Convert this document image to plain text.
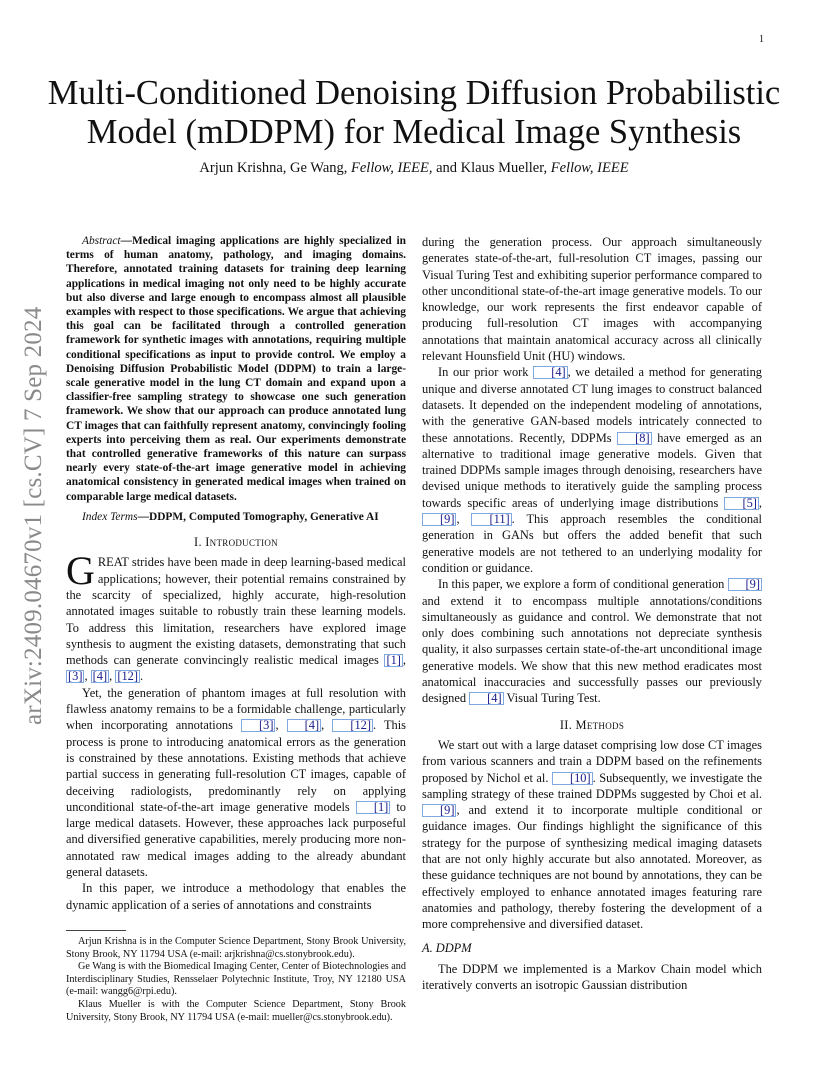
1
arXiv:2409.04670v1 [cs.CV] 7 Sep 2024
Multi-Conditioned Denoising Diffusion Probabilistic
Model (mDDPM) for Medical Image Synthesis
Arjun Krishna, Ge Wang, Fellow, IEEE, and Klaus Mueller, Fellow, IEEE

Abstract—Medical imaging applications are highly specialized in terms of human anatomy, pathology, and imaging domains. Therefore, annotated training datasets for training deep learning applications in medical imaging not only need to be highly accurate but also diverse and large enough to encompass almost all plausible examples with respect to those specifications. We argue that achieving this goal can be facilitated through a controlled generation framework for synthetic images with annotations, requiring multiple conditional specifications as input to provide control. We employ a Denoising Diffusion Probabilistic Model (DDPM) to train a large-scale generative model in the lung CT domain and expand upon a classifier-free sampling strategy to showcase one such generation framework. We show that our approach can produce annotated lung CT images that can faithfully represent anatomy, convincingly fooling experts into perceiving them as real. Our experiments demonstrate that controlled generative frameworks of this nature can surpass nearly every state-of-the-art image generative model in achieving anatomical consistency in generated medical images when trained on comparable large medical datasets.

Index Terms—DDPM, Computed Tomography, Generative AI

I. Introduction

GREAT strides have been made in deep learning-based medical applications; however, their potential remains constrained by the scarcity of specialized, highly accurate, high-resolution annotated images suitable to robustly train these learning models. To address this limitation, researchers have explored image synthesis to augment the existing datasets, demonstrating that such methods can generate convincingly realistic medical images [1] , [3] , [4] , [12] .

Yet, the generation of phantom images at full resolution with flawless anatomy remains to be a formidable challenge, particularly when incorporating annotations [3] , [4] , [12] . This process is prone to introducing anatomical errors as the generation is constrained by these annotations. Existing methods that achieve partial success in generating full-resolution CT images, capable of deceiving radiologists, predominantly rely on applying unconditional state-of-the-art image generative models [1] to large medical datasets. However, these approaches lack purposeful and diversified generative capabilities, merely producing more non-annotated raw medical images adding to the already abundant general datasets.

In this paper, we introduce a methodology that enables the dynamic application of a series of annotations and constraints

Arjun Krishna is in the Computer Science Department, Stony Brook University, Stony Brook, NY 11794 USA (e-mail: arjkrishna@cs.stonybrook.edu).

Ge Wang is with the Biomedical Imaging Center, Center of Biotechnologies and Interdisciplinary Studies, Rensselaer Polytechnic Institute, Troy, NY 12180 USA (e-mail: wangg6@rpi.edu).

Klaus Mueller is with the Computer Science Department, Stony Brook University, Stony Brook, NY 11794 USA (e-mail: mueller@cs.stonybrook.edu).

during the generation process. Our approach simultaneously generates state-of-the-art, full-resolution CT images, passing our Visual Turing Test and exhibiting superior performance compared to other unconditional state-of-the-art image generative models. To our knowledge, our work represents the first endeavor capable of producing full-resolution CT images with accompanying annotations that maintain anatomical accuracy across all clinically relevant Hounsfield Unit (HU) windows.

In our prior work [4] , we detailed a method for generating unique and diverse annotated CT lung images to construct balanced datasets. It depended on the independent modeling of annotations, with the generative GAN-based models intricately connected to these annotations. Recently, DDPMs [8] have emerged as an alternative to traditional image generative models. Given that trained DDPMs sample images through denoising, researchers have devised unique methods to iteratively guide the sampling process towards specific areas of underlying image distributions [5] , [9] , [11] . This approach resembles the conditional generation in GANs but offers the added benefit that such generative models are not tethered to an underlying modality for condition or guidance.

In this paper, we explore a form of conditional generation [9] and extend it to encompass multiple annotations/conditions simultaneously as guidance and control. We demonstrate that not only does combining such annotations not depreciate synthesis quality, it also surpasses certain state-of-the-art unconditional image generative models. We show that this new method eradicates most anatomical inaccuracies and successfully passes our previously designed [4] Visual Turing Test.

II. Methods

We start out with a large dataset comprising low dose CT images from various scanners and train a DDPM based on the refinements proposed by Nichol et al. [10] . Subsequently, we investigate the sampling strategy of these trained DDPMs suggested by Choi et al. [9] , and extend it to incorporate multiple conditional or guidance images. Our findings highlight the significance of this strategy for the purpose of synthesizing medical imaging datasets that are not only highly accurate but also annotated. Moreover, as these guidance techniques are not bound by annotations, they can be effectively employed to enhance annotated images featuring rare anatomies and pathology, thereby fostering the development of a more comprehensive and diversified dataset.

A. DDPM

The DDPM we implemented is a Markov Chain model which iteratively converts an isotropic Gaussian distribution
